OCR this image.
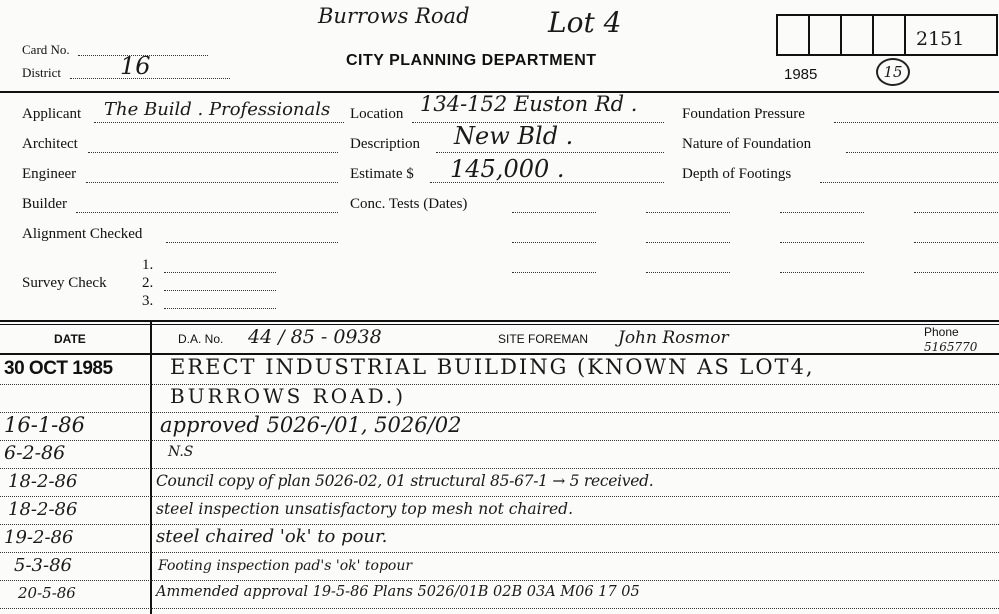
Burrows Road	Lot 4	2151
Card No.
District 16	CITY PLANNING DEPARTMENT
1985	15
Applicant The Build . Professionals
Architect
Engineer
Builder
Alignment Checked
Survey Check
1.
2.
3.
Location 134-152 Euston Rd .
Description New Bld .
Estimate $ 145,000 .
Conc. Tests (Dates)
Foundation Pressure
Nature of Foundation
Depth of Footings
DATE	D.A. No. 44 / 85 - 0938	SITE FOREMAN John Rosmor	Phone
5165770
30 OCT 1985	ERECT INDUSTRIAL BUILDING (KNOWN AS LOT4,
BURROWS ROAD.)
16-1-86	approved 5026-/01, 5026/02
6-2-86	N.S
18-2-86	Council copy of plan 5026-02, 01 structural 85-67-1 → 5 received.
18-2-86	steel inspection unsatisfactory top mesh not chaired.
19-2-86	steel chaired 'ok' to pour.
5-3-86	Footing inspection pad's 'ok' topour
20-5-86	Ammended approval 19-5-86 Plans 5026/01B 02B 03A M06 17 05
